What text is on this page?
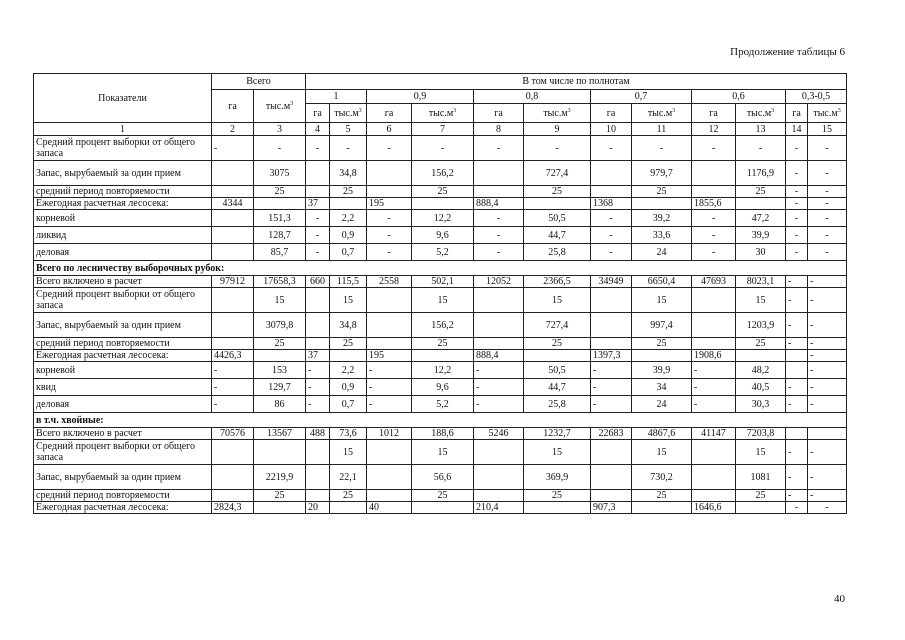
Продолжение таблицы 6
Показатели	Всего		В том числе по полнотам											
	га	$тыс.м^3$	1		0,9		0,8		0,7		0,6		0,3-0,5	
			га	$тыс.м^3$	га	$тыс.м^3$	га	$тыс.м^3$	га	$тыс.м^3$	га	$тыс.м^3$	га	$тыс.м^3$
1	2	3	4	5	6	7	8	9	10	11	12	13	14	15
Средний процент выборки от общего запаса	-	-	-	-	-	-	-	-	-	-	-	-	-	-
Запас, вырубаемый за один прием		3075		34,8		156,2		727,4		979,7		1176,9	-	-
средний период повторяемости		25		25		25		25		25		25	-	-
Ежегодная расчетная лесосека:	4344		37		195		888,4		1368		1855,6		-	-
корневой		151,3	-	2,2	-	12,2	-	50,5	-	39,2	-	47,2	-	-
ликвид		128,7	-	0,9	-	9,6	-	44,7	-	33,6	-	39,9	-	-
деловая		85,7	-	0,7	-	5,2	-	25,8	-	24	-	30	-	-
Всего по лесничеству выборочных рубок:														
Всего включено в расчет	97912	17658,3	660	115,5	2558	502,1	12052	2366,5	34949	6650,4	47693	8023,1	-	-
Средний процент выборки от общего запаса		15		15		15		15		15		15	-	-
Запас, вырубаемый за один прием		3079,8		34,8		156,2		727,4		997,4		1203,9	-	-
средний период повторяемости		25		25		25		25		25		25	-	-
Ежегодная расчетная лесосека:	4426,3		37		195		888,4		1397,3		1908,6			-
корневой	-	153	-	2,2	-	12,2	-	50,5	-	39,9	-	48,2		-
квид	-	129,7	-	0,9	-	9,6	-	44,7	-	34	-	40,5	-	-
деловая	-	86	-	0,7	-	5,2	-	25,8	-	24	-	30,3	-	-
в т.ч. хвойные:														
Всего включено в расчет	70576	13567	488	73,6	1012	188,6	5246	1232,7	22683	4867,6	41147	7203,8		
Средний процент выборки от общего запаса				15		15		15		15		15	-	-
Запас, вырубаемый за один прием		2219,9		22,1		56,6		369,9		730,2		1081	-	-
средний период повторяемости		25		25		25		25		25		25	-	-
Ежегодная расчетная лесосека:	2824,3		20		40		210,4		907,3		1646,6		-	-
40
